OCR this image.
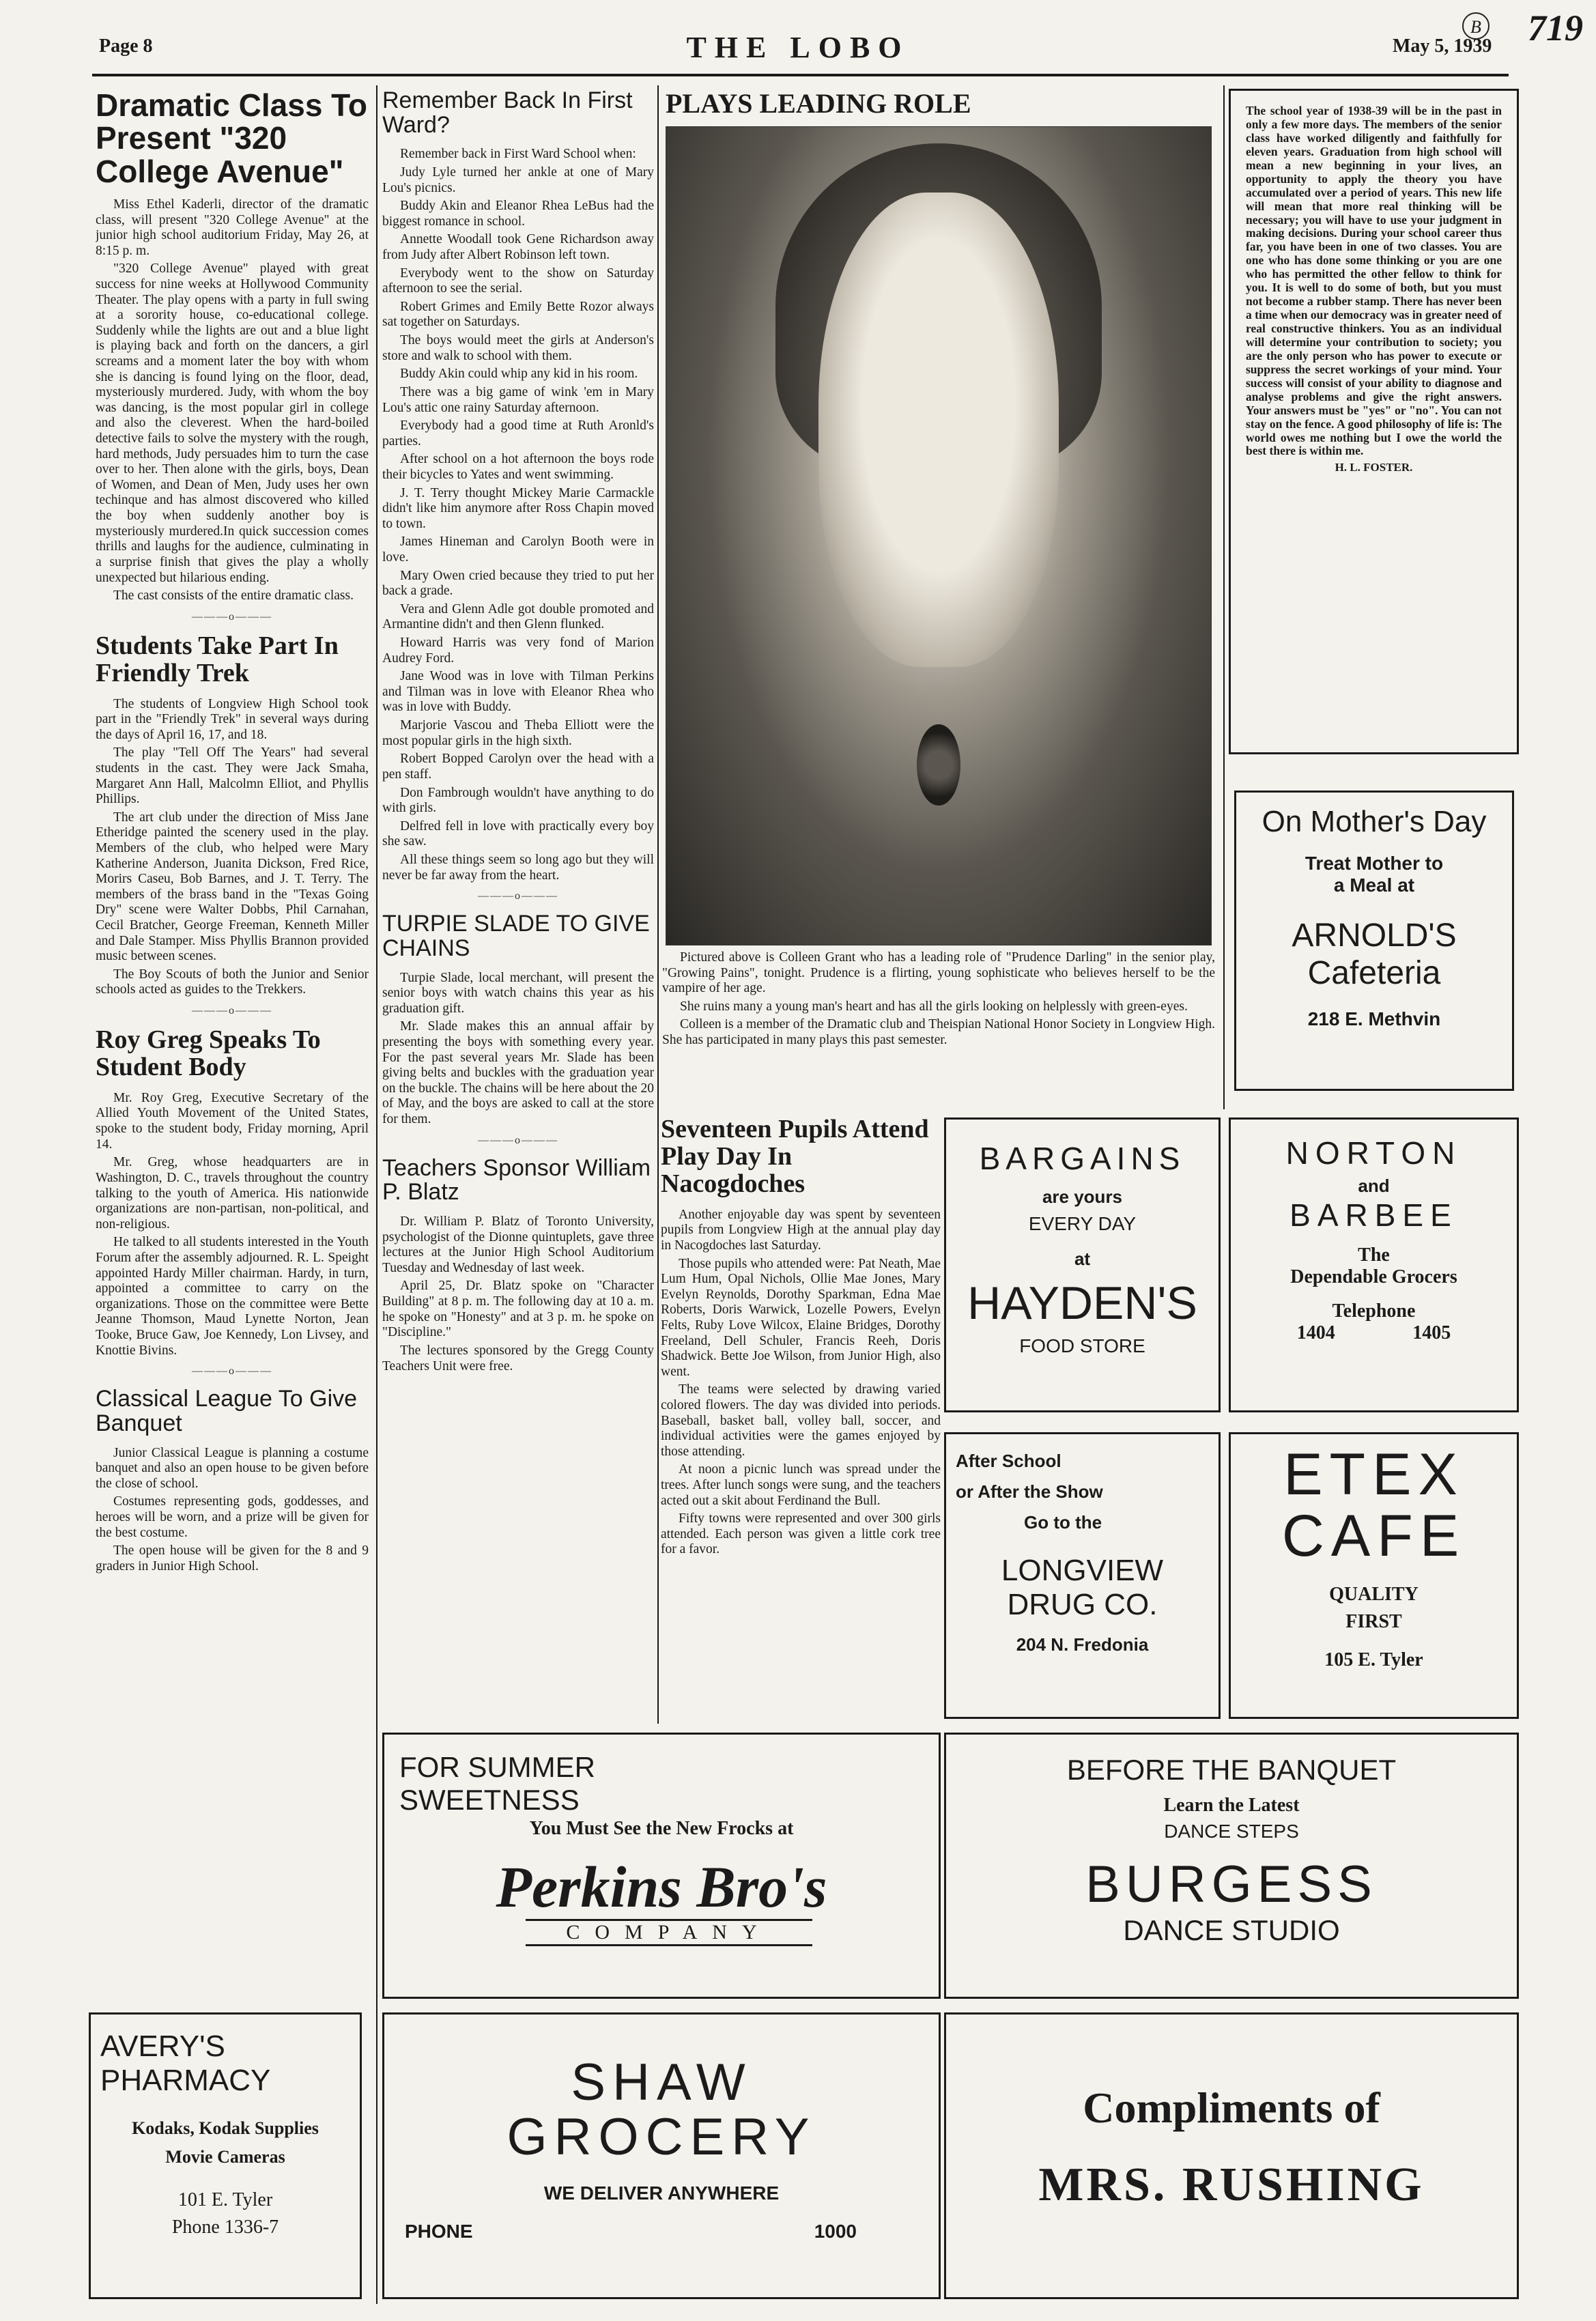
Page 8	THE LOBO	May 5, 1939
B 719
Dramatic Class To Present "320 College Avenue"

Miss Ethel Kaderli, director of the dramatic class, will present "320 College Avenue" at the junior high school auditorium Friday, May 26, at 8:15 p. m.

"320 College Avenue" played with great success for nine weeks at Hollywood Community Theater. The play opens with a party in full swing at a sorority house, co-educational college. Suddenly while the lights are out and a blue light is playing back and forth on the dancers, a girl screams and a moment later the boy with whom she is dancing is found lying on the floor, dead, mysteriously murdered. Judy, with whom the boy was dancing, is the most popular girl in college and also the cleverest. When the hard-boiled detective fails to solve the mystery with the rough, hard methods, Judy persuades him to turn the case over to her. Then alone with the girls, boys, Dean of Women, and Dean of Men, Judy uses her own techinque and has almost discovered who killed the boy when suddenly another boy is mysteriously murdered.In quick succession comes thrills and laughs for the audience, culminating in a surprise finish that gives the play a wholly unexpected but hilarious ending.

The cast consists of the entire dramatic class.

———o———
Students Take Part In Friendly Trek

The students of Longview High School took part in the "Friendly Trek" in several ways during the days of April 16, 17, and 18.

The play "Tell Off The Years" had several students in the cast. They were Jack Smaha, Margaret Ann Hall, Malcolmn Elliot, and Phyllis Phillips.

The art club under the direction of Miss Jane Etheridge painted the scenery used in the play. Members of the club, who helped were Mary Katherine Anderson, Juanita Dickson, Fred Rice, Morirs Caseu, Bob Barnes, and J. T. Terry. The members of the brass band in the "Texas Going Dry" scene were Walter Dobbs, Phil Carnahan, Cecil Bratcher, George Freeman, Kenneth Miller and Dale Stamper. Miss Phyllis Brannon provided music between scenes.

The Boy Scouts of both the Junior and Senior schools acted as guides to the Trekkers.

———o———
Roy Greg Speaks To Student Body

Mr. Roy Greg, Executive Secretary of the Allied Youth Movement of the United States, spoke to the student body, Friday morning, April 14.

Mr. Greg, whose headquarters are in Washington, D. C., travels throughout the country talking to the youth of America. His nationwide organizations are non-partisan, non-political, and non-religious.

He talked to all students interested in the Youth Forum after the assembly adjourned. R. L. Speight appointed Hardy Miller chairman. Hardy, in turn, appointed a committee to carry on the organizations. Those on the committee were Bette Jeanne Thomson, Maud Lynette Norton, Jean Tooke, Bruce Gaw, Joe Kennedy, Lon Livsey, and Knottie Bivins.

———o———
Classical League To Give Banquet

Junior Classical League is planning a costume banquet and also an open house to be given before the close of school.

Costumes representing gods, goddesses, and heroes will be worn, and a prize will be given for the best costume.

The open house will be given for the 8 and 9 graders in Junior High School.

Remember Back In First Ward?

Remember back in First Ward School when:

Judy Lyle turned her ankle at one of Mary Lou's picnics.

Buddy Akin and Eleanor Rhea LeBus had the biggest romance in school.

Annette Woodall took Gene Richardson away from Judy after Albert Robinson left town.

Everybody went to the show on Saturday afternoon to see the serial.

Robert Grimes and Emily Bette Rozor always sat together on Saturdays.

The boys would meet the girls at Anderson's store and walk to school with them.

Buddy Akin could whip any kid in his room.

There was a big game of wink 'em in Mary Lou's attic one rainy Saturday afternoon.

Everybody had a good time at Ruth Aronld's parties.

After school on a hot afternoon the boys rode their bicycles to Yates and went swimming.

J. T. Terry thought Mickey Marie Carmackle didn't like him anymore after Ross Chapin moved to town.

James Hineman and Carolyn Booth were in love.

Mary Owen cried because they tried to put her back a grade.

Vera and Glenn Adle got double promoted and Armantine didn't and then Glenn flunked.

Howard Harris was very fond of Marion Audrey Ford.

Jane Wood was in love with Tilman Perkins and Tilman was in love with Eleanor Rhea who was in love with Buddy.

Marjorie Vascou and Theba Elliott were the most popular girls in the high sixth.

Robert Bopped Carolyn over the head with a pen staff.

Don Fambrough wouldn't have anything to do with girls.

Delfred fell in love with practically every boy she saw.

All these things seem so long ago but they will never be far away from the heart.

———o———
TURPIE SLADE TO GIVE CHAINS

Turpie Slade, local merchant, will present the senior boys with watch chains this year as his graduation gift.

Mr. Slade makes this an annual affair by presenting the boys with something every year. For the past several years Mr. Slade has been giving belts and buckles with the graduation year on the buckle. The chains will be here about the 20 of May, and the boys are asked to call at the store for them.

———o———
Teachers Sponsor William P. Blatz

Dr. William P. Blatz of Toronto University, psychologist of the Dionne quintuplets, gave three lectures at the Junior High School Auditorium Tuesday and Wednesday of last week.

April 25, Dr. Blatz spoke on "Character Building" at 8 p. m. The following day at 10 a. m. he spoke on "Honesty" and at 3 p. m. he spoke on "Discipline."

The lectures sponsored by the Gregg County Teachers Unit were free.

PLAYS LEADING ROLE

Pictured above is Colleen Grant who has a leading role of "Prudence Darling" in the senior play, "Growing Pains", tonight. Prudence is a flirting, young sophisticate who believes herself to be the vampire of her age.

She ruins many a young man's heart and has all the girls looking on helplessly with green-eyes.

Colleen is a member of the Dramatic club and Theispian National Honor Society in Longview High. She has participated in many plays this past semester.

Seventeen Pupils Attend Play Day In Nacogdoches

Another enjoyable day was spent by seventeen pupils from Longview High at the annual play day in Nacogdoches last Saturday.

Those pupils who attended were: Pat Neath, Mae Lum Hum, Opal Nichols, Ollie Mae Jones, Mary Evelyn Reynolds, Dorothy Sparkman, Edna Mae Roberts, Doris Warwick, Lozelle Powers, Evelyn Felts, Ruby Love Wilcox, Elaine Bridges, Dorothy Freeland, Dell Schuler, Francis Reeh, Doris Shadwick. Bette Joe Wilson, from Junior High, also went.

The teams were selected by drawing varied colored flowers. The day was divided into periods. Baseball, basket ball, volley ball, soccer, and individual activities were the games enjoyed by those attending.

At noon a picnic lunch was spread under the trees. After lunch songs were sung, and the teachers acted out a skit about Ferdinand the Bull.

Fifty towns were represented and over 300 girls attended. Each person was given a little cork tree for a favor.

The school year of 1938-39 will be in the past in only a few more days. The members of the senior class have worked diligently and faithfully for eleven years. Graduation from high school will mean a new beginning in your lives, an opportunity to apply the theory you have accumulated over a period of years. This new life will mean that more real thinking will be necessary; you will have to use your judgment in making decisions. During your school career thus far, you have been in one of two classes. You are one who has done some thinking or you are one who has permitted the other fellow to think for you. It is well to do some of both, but you must not become a rubber stamp. There has never been a time when our democracy was in greater need of real constructive thinkers. You as an individual will determine your contribution to society; you are the only person who has power to execute or suppress the secret workings of your mind. Your success will consist of your ability to diagnose and analyse problems and give the right answers. Your answers must be "yes" or "no". You can not stay on the fence. A good philosophy of life is: The world owes me nothing but I owe the world the best there is within me.

H. L. FOSTER.
On Mother's Day
Treat Mother to
a Meal at
ARNOLD'S
Cafeteria
218 E. Methvin
BARGAINS
are yours
EVERY DAY
at
HAYDEN'S
FOOD STORE
NORTON
and
BARBEE
The
Dependable Grocers
Telephone
1404	1405
After School
or After the Show
Go to the
LONGVIEW
DRUG CO.
204 N. Fredonia
ETEX
CAFE
QUALITY
FIRST
105 E. Tyler
FOR SUMMER
SWEETNESS
You Must See the New Frocks at
Perkins Bro's
COMPANY
BEFORE THE BANQUET
Learn the Latest
DANCE STEPS
BURGESS
DANCE STUDIO
AVERY'S
PHARMACY
Kodaks, Kodak Supplies
Movie Cameras
101 E. Tyler
Phone 1336-7
SHAW
GROCERY
WE DELIVER ANYWHERE
PHONE	1000
Compliments of
MRS. RUSHING
